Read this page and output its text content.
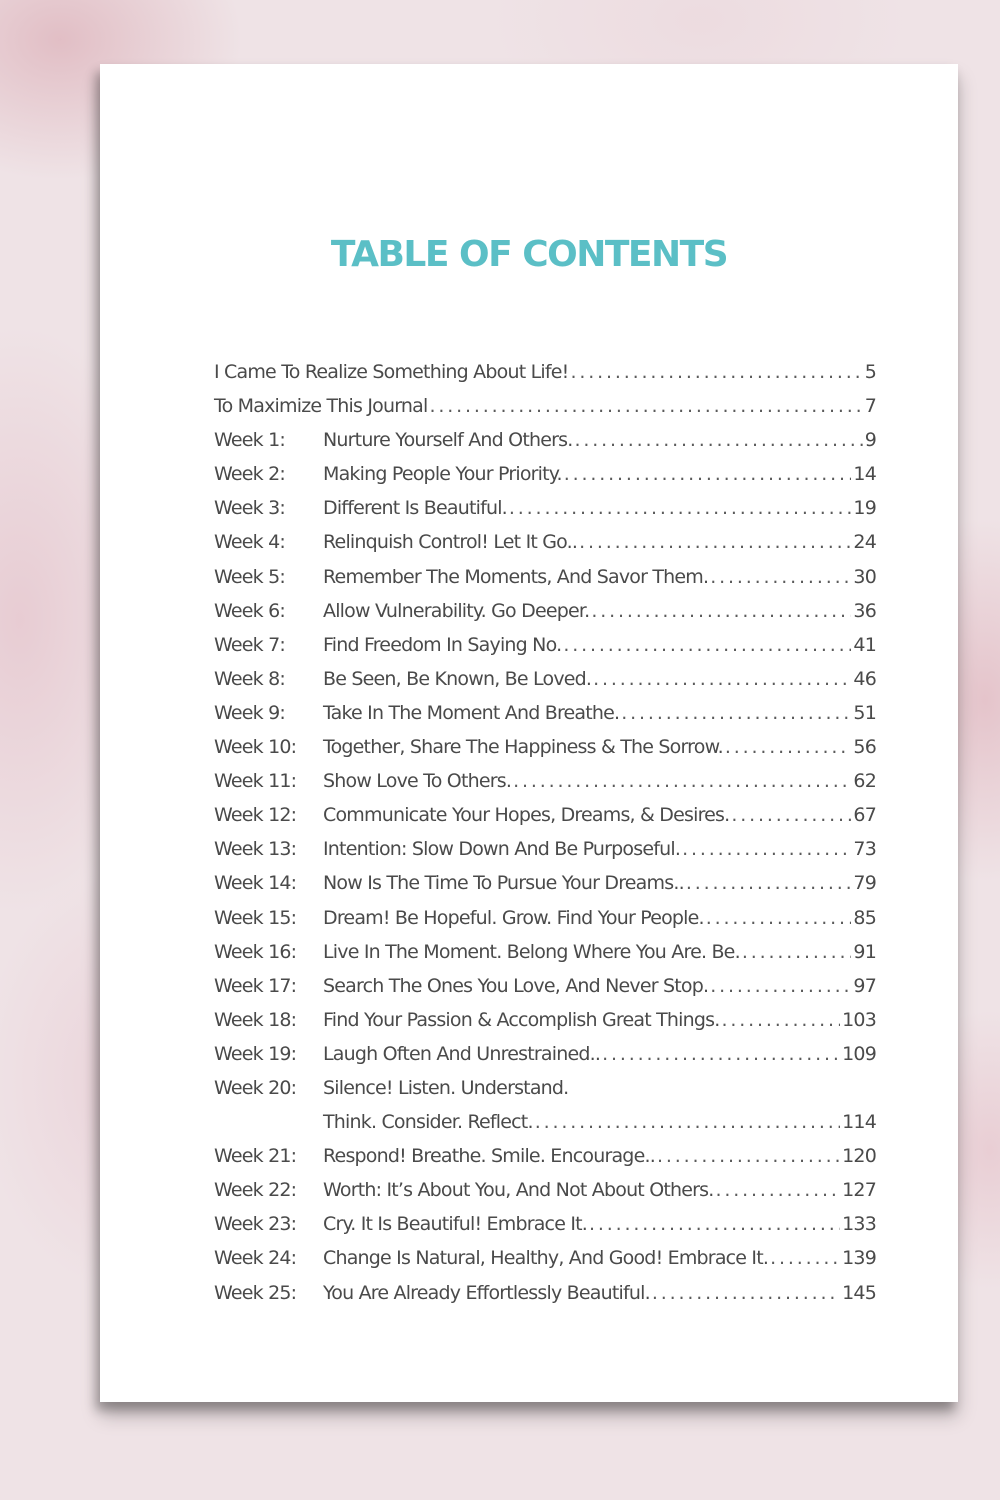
TABLE OF CONTENTS
I Came To Realize Something About Life! . . .	5
To Maximize This Journal . . .	7
Week 1:	Nurture Yourself And Others. . . .	9
Week 2:	Making People Your Priority. . . .	14
Week 3:	Different Is Beautiful. . . .	19
Week 4:	Relinquish Control! Let It Go.. . . .	24
Week 5:	Remember The Moments, And Savor Them. . . .	30
Week 6:	Allow Vulnerability. Go Deeper. . . .	36
Week 7:	Find Freedom In Saying No. . . .	41
Week 8:	Be Seen, Be Known, Be Loved. . . .	46
Week 9:	Take In The Moment And Breathe. . . .	51
Week 10:	Together, Share The Happiness & The Sorrow. . . .	56
Week 11:	Show Love To Others. . . .	62
Week 12:	Communicate Your Hopes, Dreams, & Desires. . . .	67
Week 13:	Intention: Slow Down And Be Purposeful. . . .	73
Week 14:	Now Is The Time To Pursue Your Dreams.. . . .	79
Week 15:	Dream! Be Hopeful. Grow. Find Your People. . . .	85
Week 16:	Live In The Moment. Belong Where You Are. Be. . . .	91
Week 17:	Search The Ones You Love, And Never Stop. . . .	97
Week 18:	Find Your Passion & Accomplish Great Things. . . .	103
Week 19:	Laugh Often And Unrestrained.. . . .	109
Week 20:	Silence! Listen. Understand.
Think. Consider. Reflect. . . .	114
Week 21:	Respond! Breathe. Smile. Encourage.. . . .	120
Week 22:	Worth: It’s About You, And Not About Others. . . .	127
Week 23:	Cry. It Is Beautiful! Embrace It. . . .	133
Week 24:	Change Is Natural, Healthy, And Good! Embrace It. . . .	139
Week 25:	You Are Already Effortlessly Beautiful. . . .	145
